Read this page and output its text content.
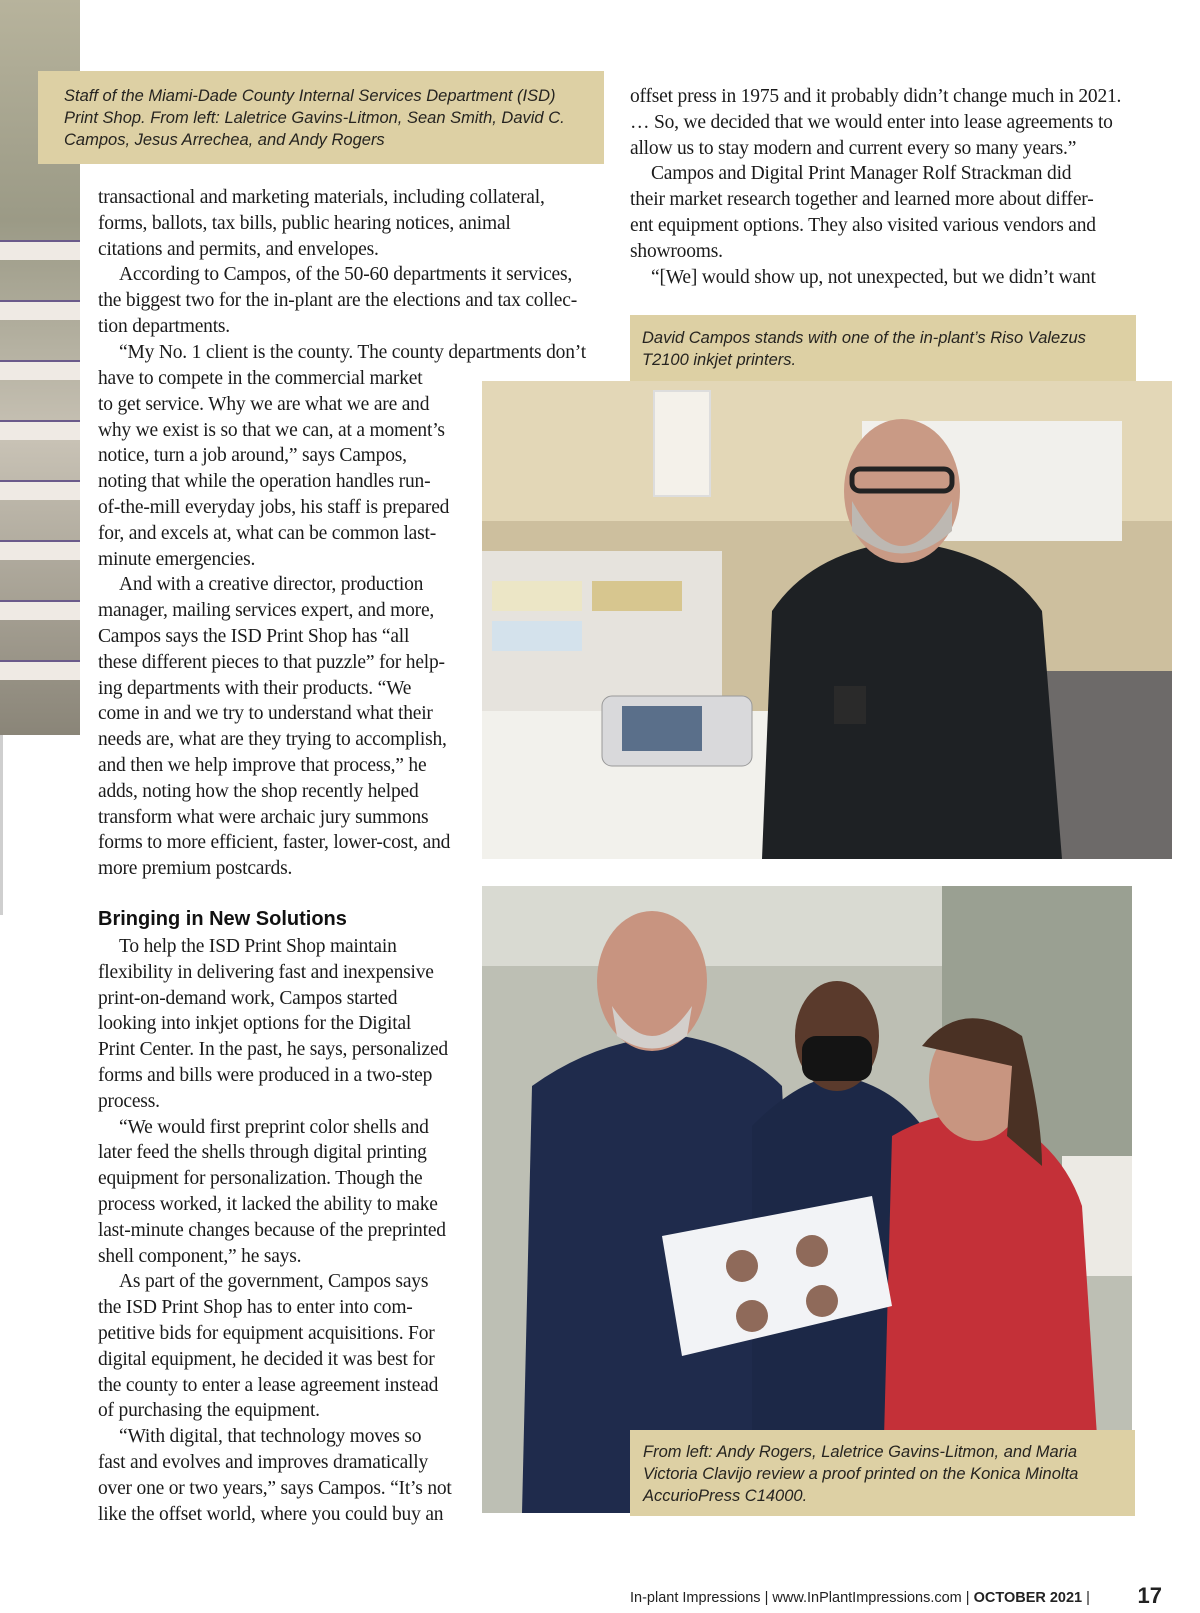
Staff of the Miami-Dade County Internal Services Department (ISD) Print Shop. From left: Laletrice Gavins-Litmon, Sean Smith, David C. Campos, Jesus Arrechea, and Andy Rogers
David Campos stands with one of the in-plant’s Riso Valezus T2100 inkjet printers.
From left: Andy Rogers, Laletrice Gavins-Litmon, and Maria Victoria Clavijo review a proof printed on the Konica Minolta AccurioPress C14000.

transactional and marketing materials, including collateral,

forms, ballots, tax bills, public hearing notices, animal

citations and permits, and envelopes.

According to Campos, of the 50-60 departments it services,

the biggest two for the in-plant are the elections and tax collec-

tion departments.

“My No. 1 client is the county. The county departments don’t

have to compete in the commercial market

to get service. Why we are what we are and

why we exist is so that we can, at a moment’s

notice, turn a job around,” says Campos,

noting that while the operation handles run-

of-the-mill everyday jobs, his staff is prepared

for, and excels at, what can be common last-

minute emergencies.

And with a creative director, production

manager, mailing services expert, and more,

Campos says the ISD Print Shop has “all

these different pieces to that puzzle” for help-

ing departments with their products. “We

come in and we try to understand what their

needs are, what are they trying to accomplish,

and then we help improve that process,” he

adds, noting how the shop recently helped

transform what were archaic jury summons

forms to more efficient, faster, lower-cost, and

more premium postcards.

Bringing in New Solutions

To help the ISD Print Shop maintain

flexibility in delivering fast and inexpensive

print-on-demand work, Campos started

looking into inkjet options for the Digital

Print Center. In the past, he says, personalized

forms and bills were produced in a two-step

process.

“We would first preprint color shells and

later feed the shells through digital printing

equipment for personalization. Though the

process worked, it lacked the ability to make

last-minute changes because of the preprinted

shell component,” he says.

As part of the government, Campos says

the ISD Print Shop has to enter into com-

petitive bids for equipment acquisitions. For

digital equipment, he decided it was best for

the county to enter a lease agreement instead

of purchasing the equipment.

“With digital, that technology moves so

fast and evolves and improves dramatically

over one or two years,” says Campos. “It’s not

like the offset world, where you could buy an

offset press in 1975 and it probably didn’t change much in 2021.

… So, we decided that we would enter into lease agreements to

allow us to stay modern and current every so many years.”

Campos and Digital Print Manager Rolf Strackman did

their market research together and learned more about differ-

ent equipment options. They also visited various vendors and

showrooms.

“[We] would show up, not unexpected, but we didn’t want

In-plant Impressions | www.InPlantImpressions.com | OCTOBER 2021 | 17
